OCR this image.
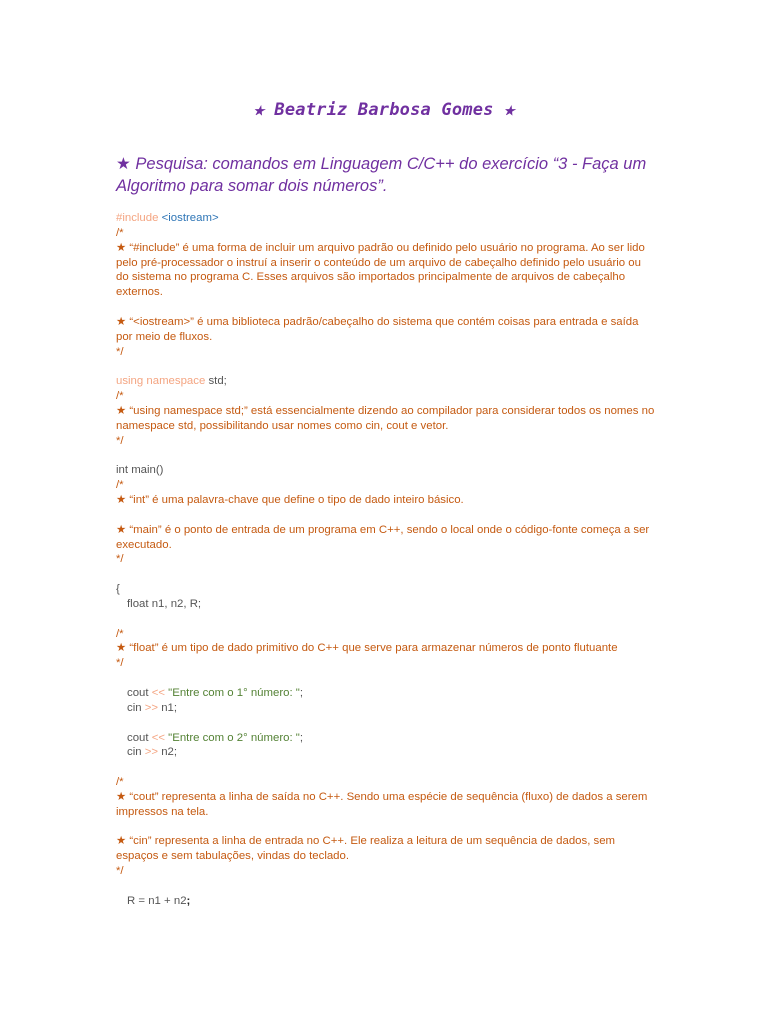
★ Beatriz Barbosa Gomes ★
★ Pesquisa: comandos em Linguagem C/C++ do exercício “3 - Faça um Algoritmo para somar dois números”.
#include <iostream>
/*
★ “#include” é uma forma de incluir um arquivo padrão ou definido pelo usuário no programa. Ao ser lido pelo pré-processador o instruí a inserir o conteúdo de um arquivo de cabeçalho definido pelo usuário ou do sistema no programa C. Esses arquivos são importados principalmente de arquivos de cabeçalho externos.
★ “<iostream>” é uma biblioteca padrão/cabeçalho do sistema que contém coisas para entrada e saída por meio de fluxos.
*/
using namespace std;
/*
★ “using namespace std;” está essencialmente dizendo ao compilador para considerar todos os nomes no namespace std, possibilitando usar nomes como cin, cout e vetor.
*/
int main()
/*
★ “int” é uma palavra-chave que define o tipo de dado inteiro básico.
★ “main” é o ponto de entrada de um programa em C++, sendo o local onde o código-fonte começa a ser executado.
*/
{
float n1, n2, R;
/*
★ “float” é um tipo de dado primitivo do C++ que serve para armazenar números de ponto flutuante
*/
cout << "Entre com o 1° número: ";
cin >> n1;
cout << "Entre com o 2° número: ";
cin >> n2;
/*
★ “cout” representa a linha de saída no C++. Sendo uma espécie de sequência (fluxo) de dados a serem impressos na tela.
★ “cin” representa a linha de entrada no C++. Ele realiza a leitura de um sequência de dados, sem espaços e sem tabulações, vindas do teclado.
*/
R = n1 + n2;
